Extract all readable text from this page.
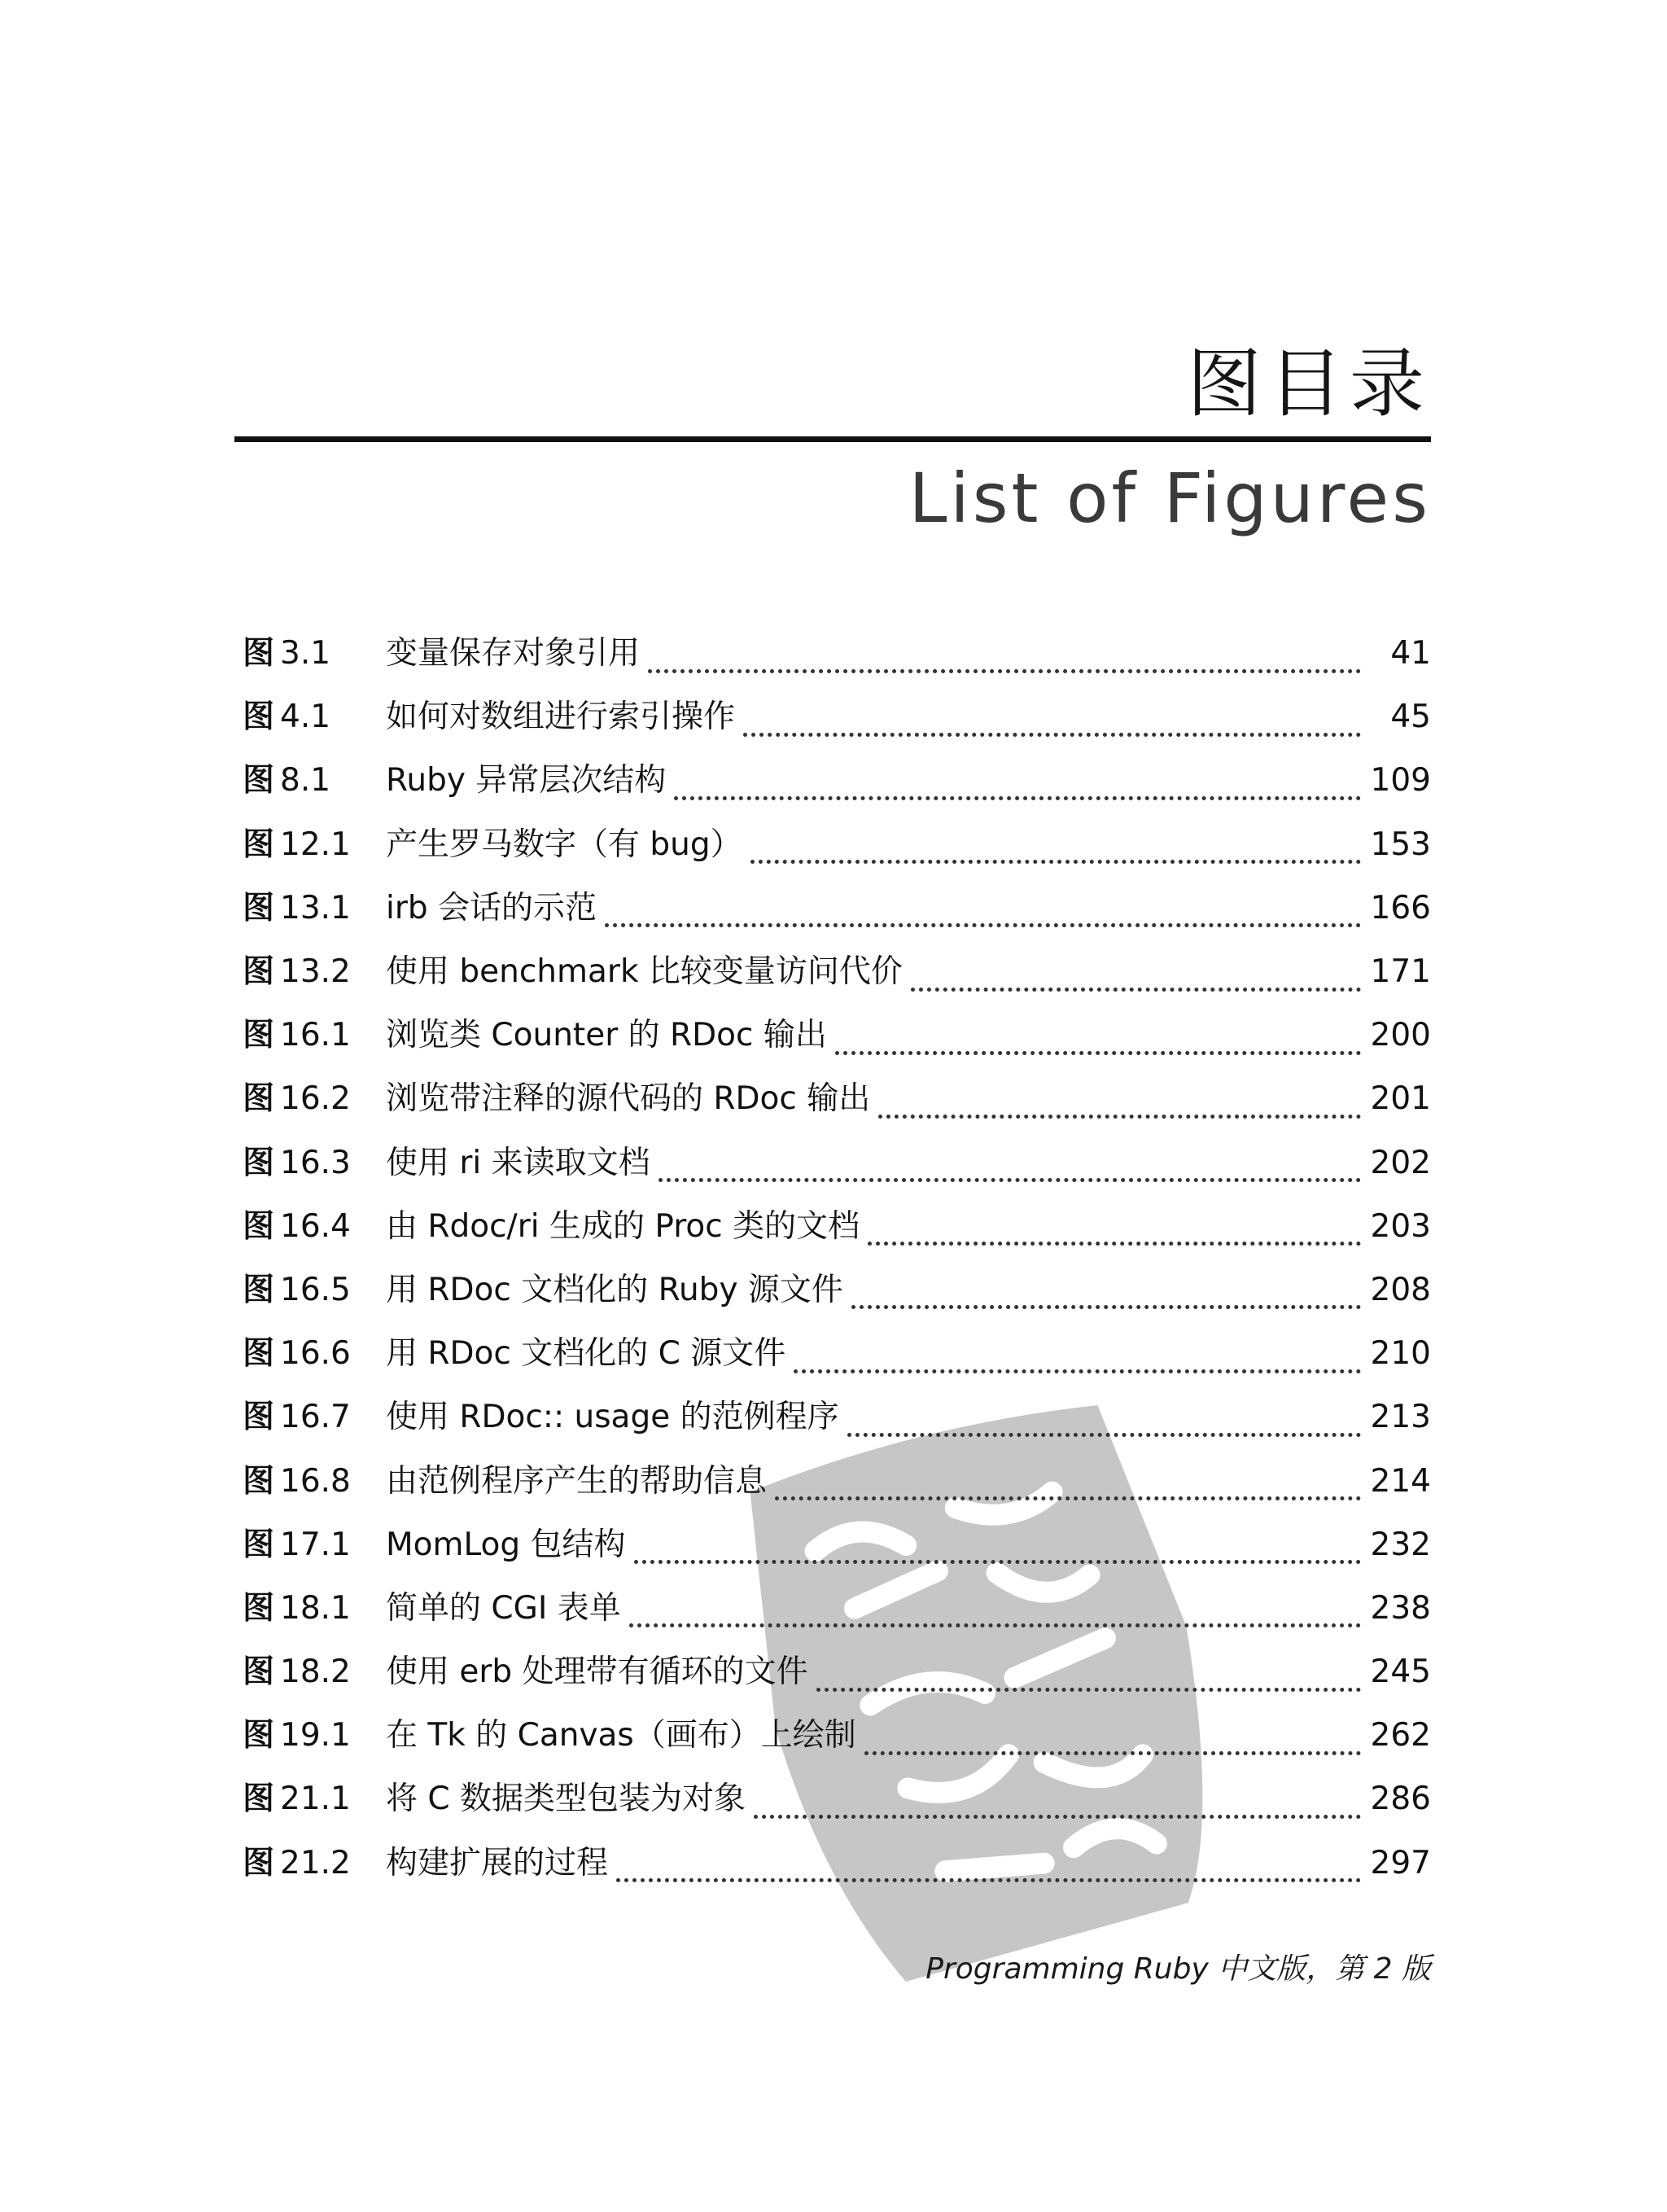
图目录
List of Figures
图 3.1	变量保存对象引用	41
图 4.1	如何对数组进行索引操作	45
图 8.1	Ruby 异常层次结构	109
图 12.1	产生罗马数字（有 bug）	153
图 13.1	irb 会话的示范	166
图 13.2	使用 benchmark 比较变量访问代价	171
图 16.1	浏览类 Counter 的 RDoc 输出	200
图 16.2	浏览带注释的源代码的 RDoc 输出	201
图 16.3	使用 ri 来读取文档	202
图 16.4	由 Rdoc/ri 生成的 Proc 类的文档	203
图 16.5	用 RDoc 文档化的 Ruby 源文件	208
图 16.6	用 RDoc 文档化的 C 源文件	210
图 16.7	使用 RDoc:: usage 的范例程序	213
图 16.8	由范例程序产生的帮助信息	214
图 17.1	MomLog 包结构	232
图 18.1	简单的 CGI 表单	238
图 18.2	使用 erb 处理带有循环的文件	245
图 19.1	在 Tk 的 Canvas（画布）上绘制	262
图 21.1	将 C 数据类型包装为对象	286
图 21.2	构建扩展的过程	297
Programming Ruby 中文版，第 2 版
